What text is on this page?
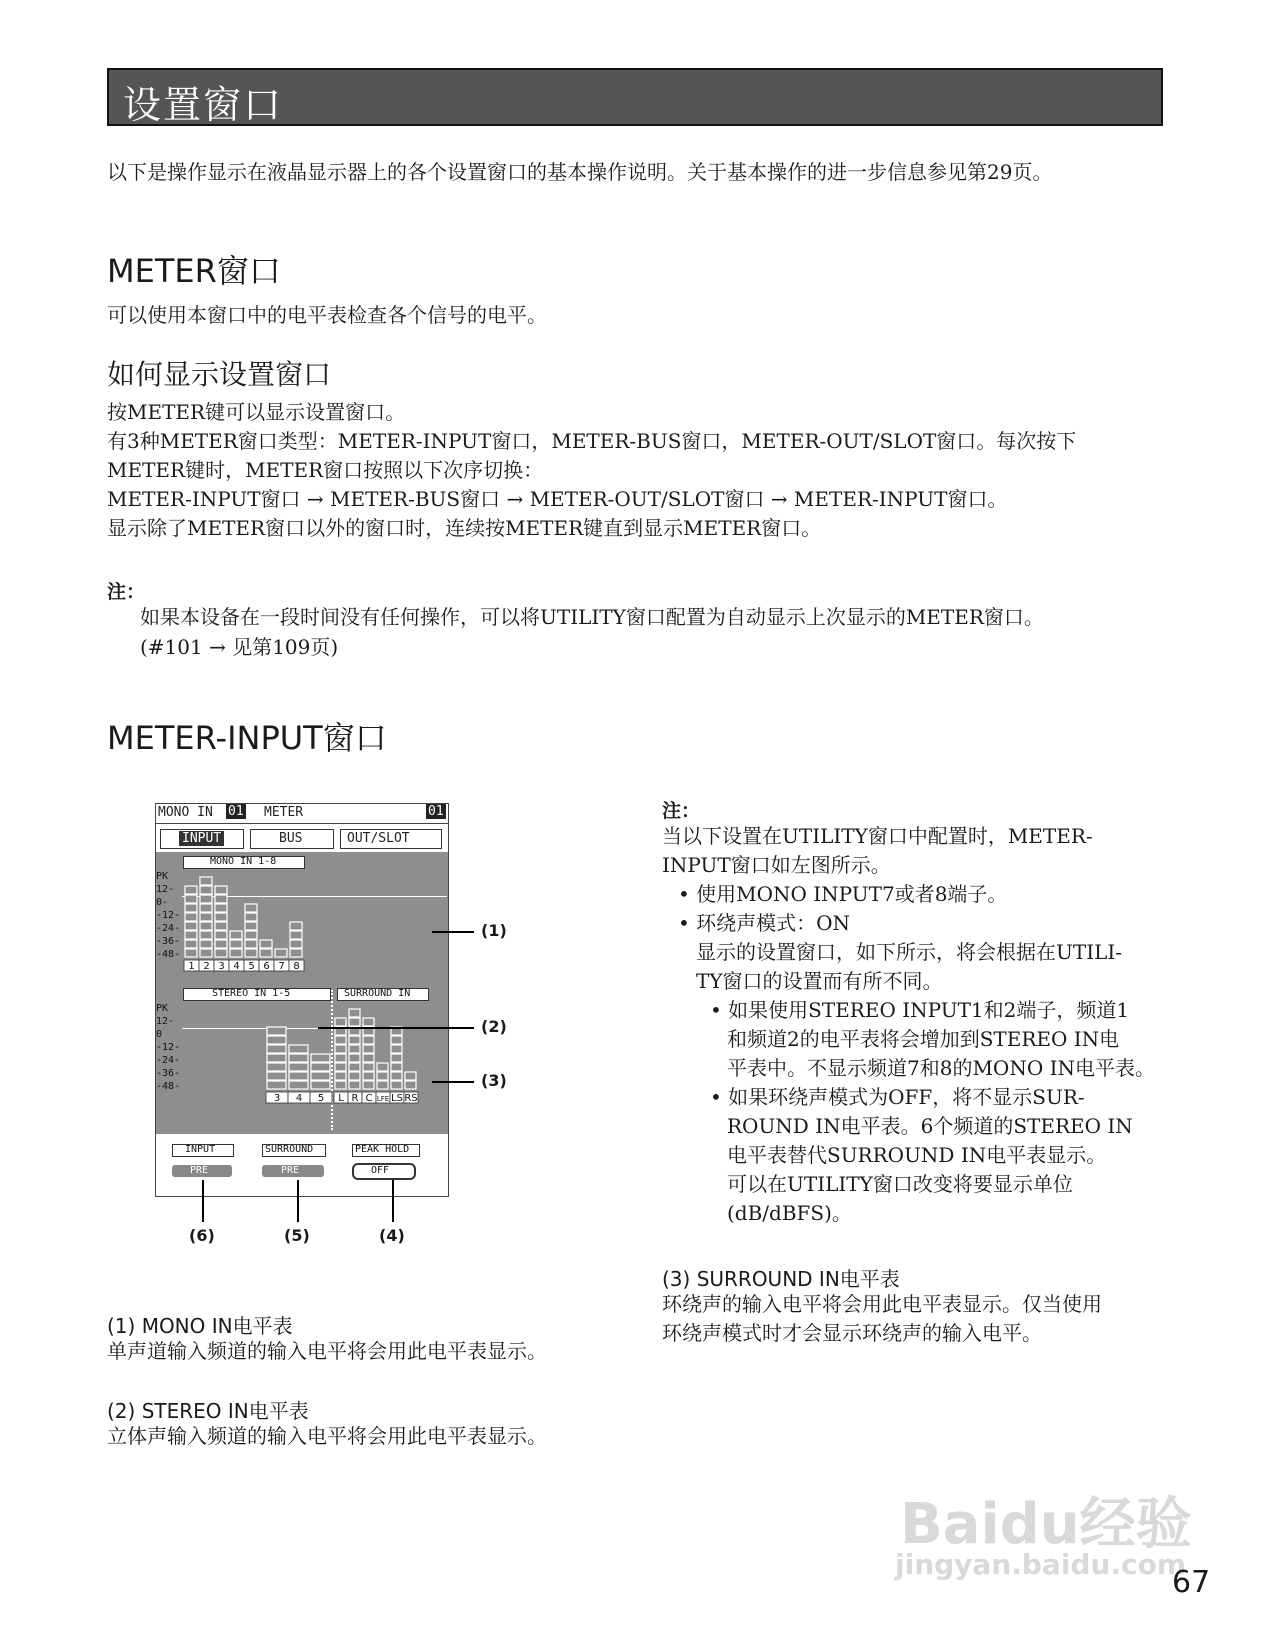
设置窗口
以下是操作显示在液晶显示器上的各个设置窗口的基本操作说明。关于基本操作的进一步信息参见第29页。
METER窗口
可以使用本窗口中的电平表检查各个信号的电平。
如何显示设置窗口
按METER键可以显示设置窗口。
有3种METER窗口类型：METER-INPUT窗口，METER-BUS窗口，METER-OUT/SLOT窗口。每次按下
METER键时，METER窗口按照以下次序切换：
METER-INPUT窗口 → METER-BUS窗口 → METER-OUT/SLOT窗口 → METER-INPUT窗口。
显示除了METER窗口以外的窗口时，连续按METER键直到显示METER窗口。
注：
如果本设备在一段时间没有任何操作，可以将UTILITY窗口配置为自动显示上次显示的METER窗口。
(#101 → 见第109页)
METER-INPUT窗口
MONO IN 01 METER	01
INPUT	BUS	OUT/SLOT
MONO IN 1-8
PK
12-
0-
-12-
-24-
-36-
-48-
1 2 3 4 5 6 7 8
STEREO IN 1-5	SURROUND IN
PK
12-
0
-12-
-24-
-36-
-48-
3 4 5 L R C LFE LS RS
INPUT	SURROUND	PEAK HOLD
PRE	PRE	OFF
(1)
(2)
(3)
(4)
(5)
(6)
注：
当以下设置在UTILITY窗口中配置时，METER-
INPUT窗口如左图所示。
• 使用MONO INPUT7或者8端子。
• 环绕声模式：ON
显示的设置窗口，如下所示，将会根据在UTILI-
TY窗口的设置而有所不同。
• 如果使用STEREO INPUT1和2端子，频道1
和频道2的电平表将会增加到STEREO IN电
平表中。不显示频道7和8的MONO IN电平表。
• 如果环绕声模式为OFF，将不显示SUR-
ROUND IN电平表。6个频道的STEREO IN
电平表替代SURROUND IN电平表显示。
可以在UTILITY窗口改变将要显示单位
(dB/dBFS)。
(3) SURROUND IN电平表
环绕声的输入电平将会用此电平表显示。仅当使用
环绕声模式时才会显示环绕声的输入电平。
(1) MONO IN电平表
单声道输入频道的输入电平将会用此电平表显示。
(2) STEREO IN电平表
立体声输入频道的输入电平将会用此电平表显示。
Baidu经验
jingyan.baidu.com
67
